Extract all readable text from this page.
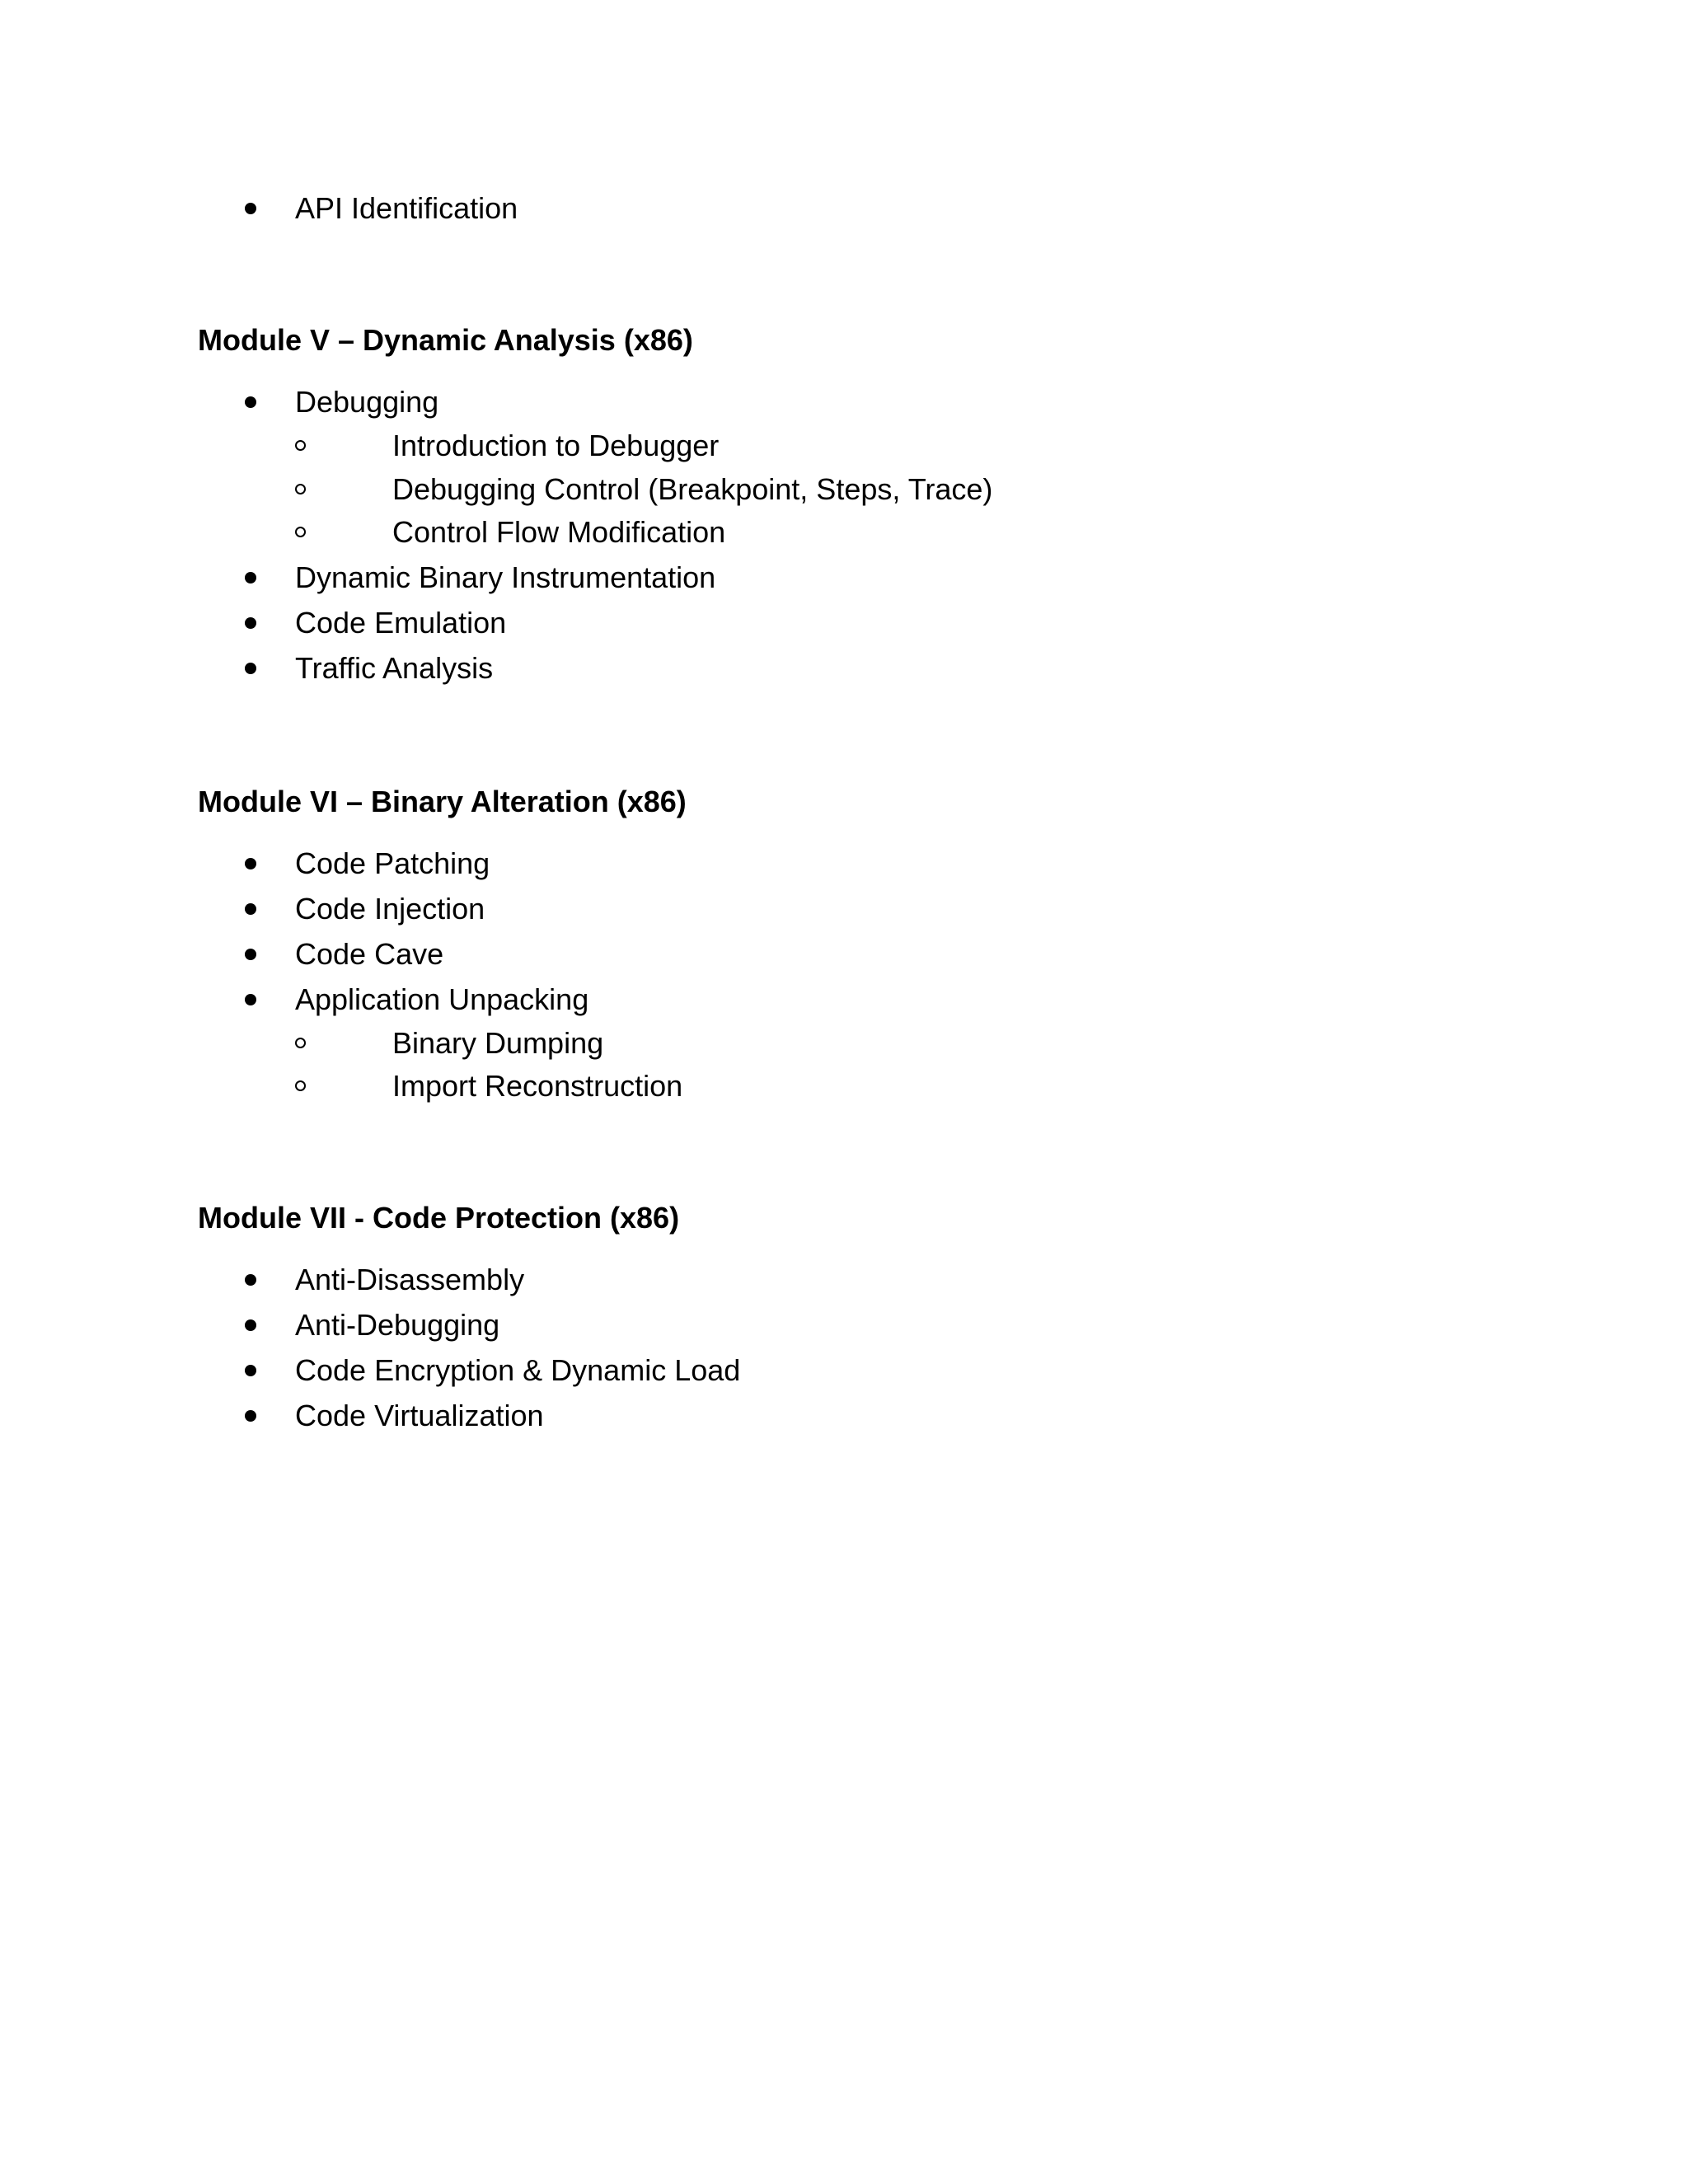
API Identification
Module V – Dynamic Analysis (x86)
Debugging
Introduction to Debugger
Debugging Control (Breakpoint, Steps, Trace)
Control Flow Modification
Dynamic Binary Instrumentation
Code Emulation
Traffic Analysis
Module VI – Binary Alteration (x86)
Code Patching
Code Injection
Code Cave
Application Unpacking
Binary Dumping
Import Reconstruction
Module VII - Code Protection (x86)
Anti-Disassembly
Anti-Debugging
Code Encryption & Dynamic Load
Code Virtualization
